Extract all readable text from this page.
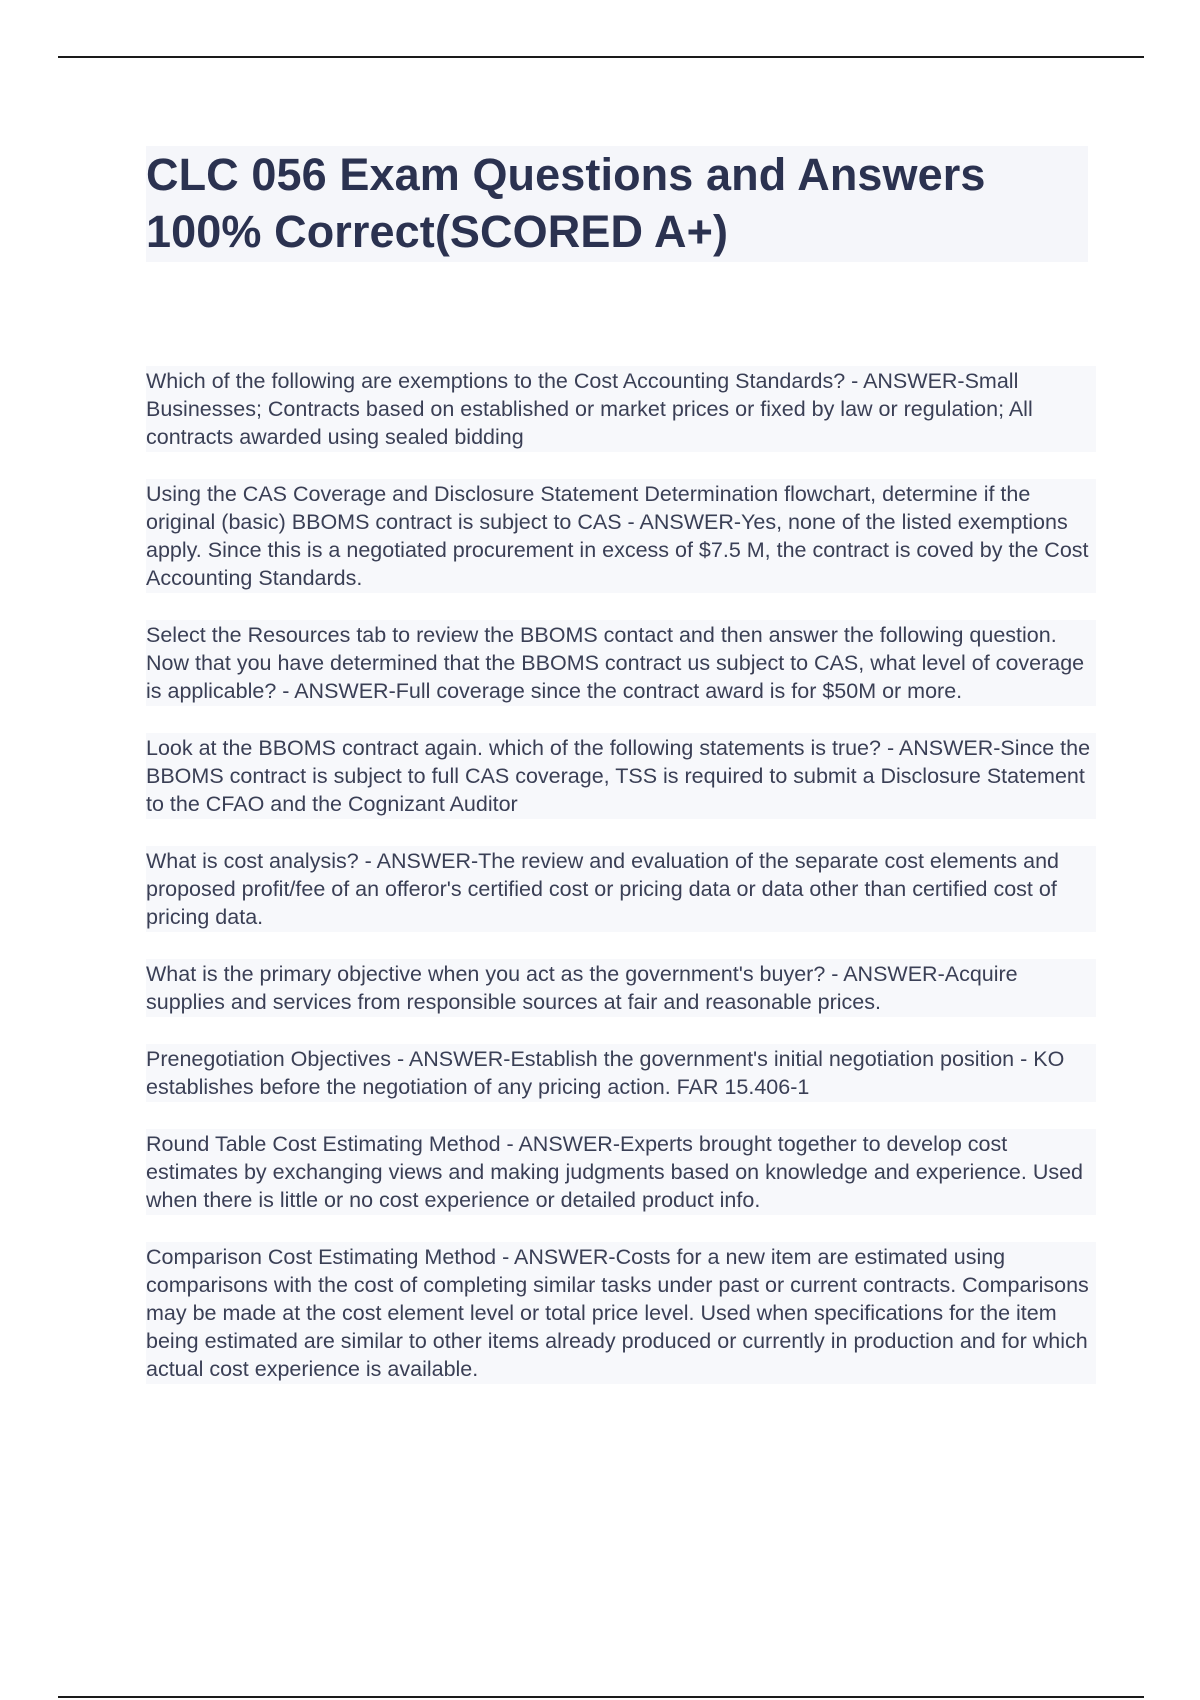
CLC 056 Exam Questions and Answers 100% Correct(SCORED A+)

Which of the following are exemptions to the Cost Accounting Standards? - ANSWER-Small Businesses; Contracts based on established or market prices or fixed by law or regulation; All contracts awarded using sealed bidding

Using the CAS Coverage and Disclosure Statement Determination flowchart, determine if the original (basic) BBOMS contract is subject to CAS - ANSWER-Yes, none of the listed exemptions apply. Since this is a negotiated procurement in excess of $7.5 M, the contract is coved by the Cost Accounting Standards.

Select the Resources tab to review the BBOMS contact and then answer the following question. Now that you have determined that the BBOMS contract us subject to CAS, what level of coverage is applicable? - ANSWER-Full coverage since the contract award is for $50M or more.

Look at the BBOMS contract again. which of the following statements is true? - ANSWER-Since the BBOMS contract is subject to full CAS coverage, TSS is required to submit a Disclosure Statement to the CFAO and the Cognizant Auditor

What is cost analysis? - ANSWER-The review and evaluation of the separate cost elements and proposed profit/fee of an offeror's certified cost or pricing data or data other than certified cost of pricing data.

What is the primary objective when you act as the government's buyer? - ANSWER-Acquire supplies and services from responsible sources at fair and reasonable prices.

Prenegotiation Objectives - ANSWER-Establish the government's initial negotiation position - KO establishes before the negotiation of any pricing action. FAR 15.406-1

Round Table Cost Estimating Method - ANSWER-Experts brought together to develop cost estimates by exchanging views and making judgments based on knowledge and experience. Used when there is little or no cost experience or detailed product info.

Comparison Cost Estimating Method - ANSWER-Costs for a new item are estimated using comparisons with the cost of completing similar tasks under past or current contracts. Comparisons may be made at the cost element level or total price level. Used when specifications for the item being estimated are similar to other items already produced or currently in production and for which actual cost experience is available.
